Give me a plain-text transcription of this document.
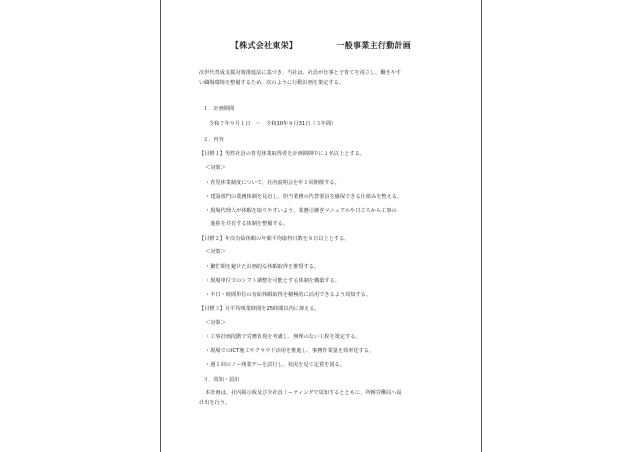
【株式会社東栄】	一般事業主行動計画
次世代育成支援対策推進法に基づき、当社は、社員が仕事と子育てを両立し、働きやす
い職場環境を整備するため、次のように行動計画を策定する。
１．計画期間
令和７年９月１日　～　令和10年８月31日（３年間）
２．内容
【目標１】男性社員の育児休業取得者を計画期間中に１名以上とする。
＜対策＞
・育児休業制度について、社内説明会を年１回開催する。
・建設部門の業務体制を見直し、担当業務の代替要員を確保できる仕組みを整える。
・現場代理人が休暇を取りやすいよう、業務引継ぎマニュアルや日ごろから工事の
　進捗を共有する体制を整備する。
【目標２】年次有給休暇の年間平均取得日数を８日以上とする。
＜対策＞
・繁忙期を避けた計画的な休暇取得を推奨する。
・現場単位でのシフト調整を可能とする体制を構築する。
・半日・時間単位の有給休暇取得を積極的に活用できるよう周知する。
【目標３】月平均残業時間を25時間以内に抑える。
＜対策＞
・工事計画段階で労務負荷を考慮し、無理のない工程を策定する。
・現場でのICT施工やクラウド活用を推進し、事務作業量を効率化する。
・週１回のノー残業デーを試行し、状況を見て定着を図る。
３．周知・届出
本計画は、社内掲示板及び全社員ミーティングで周知するとともに、所轄労働局へ届
け出を行う。
